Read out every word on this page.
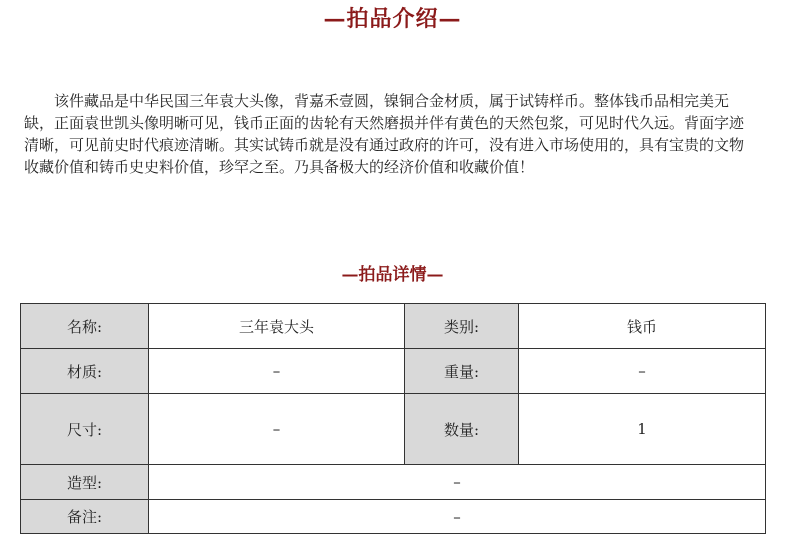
—拍品介绍—

该件藏品是中华民国三年袁大头像，背嘉禾壹圆，镍铜合金材质，属于试铸样币。整体钱币品相完美无缺，正面袁世凯头像明晰可见，钱币正面的齿轮有天然磨损并伴有黄色的天然包浆，可见时代久远。背面字迹清晰，可见前史时代痕迹清晰。其实试铸币就是没有通过政府的许可，没有进入市场使用的，具有宝贵的文物收藏价值和铸币史史料价值，珍罕之至。乃具备极大的经济价值和收藏价值！

—拍品详情—
名称:	三年袁大头	类别:	钱币
材质:	–	重量:	–
尺寸:	–	数量:	1
造型:	–		
备注:	–		
